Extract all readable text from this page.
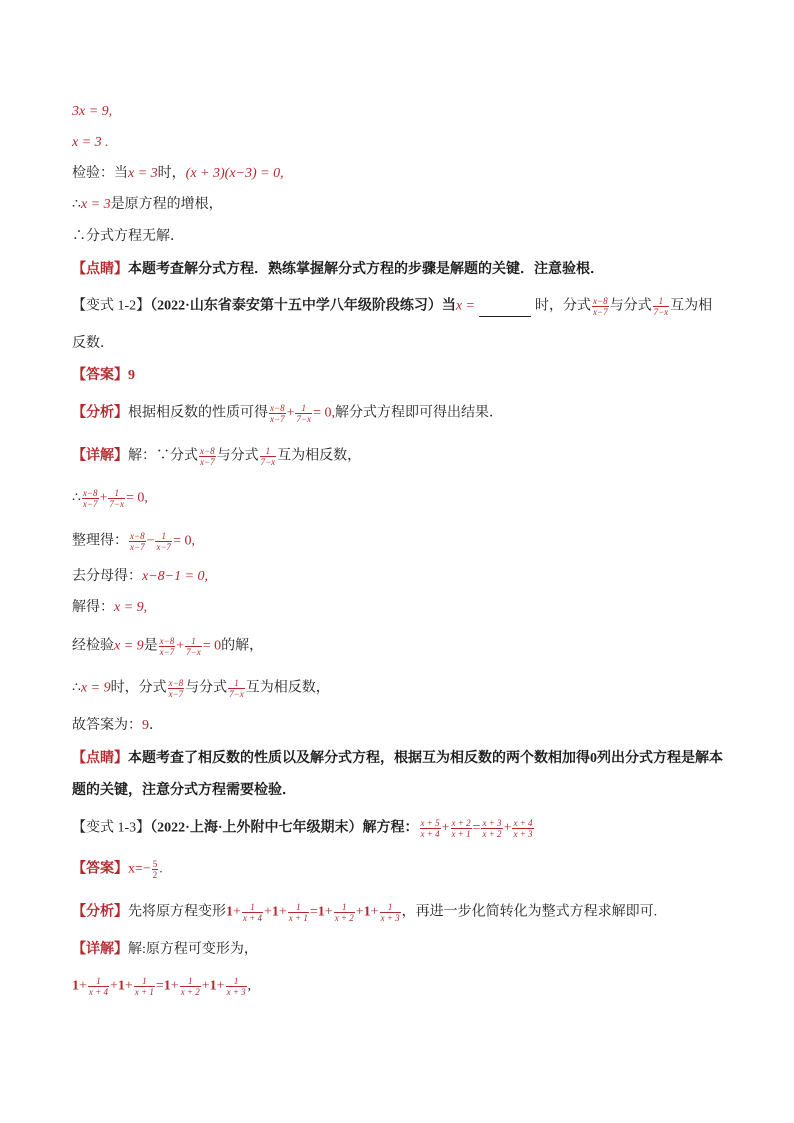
3x = 9,
x = 3 .
检验：当x = 3时，(x + 3)(x−3) = 0,
∴x = 3是原方程的增根，
∴分式方程无解．
【点睛】本题考查解分式方程．熟练掌握解分式方程的步骤是解题的关键．注意验根．
【变式 1-2】（2022·山东省泰安第十五中学八年级阶段练习）当x =	时，分式 $\frac{x-8}{x-7}$ 与分式 $\frac{1}{7-x}$ 互为相
反数．
【答案】9
【分析】根据相反数的性质可得 $\frac{x-8}{x-7} + \frac{1}{7-x} = 0$,解分式方程即可得出结果．
【详解】解：∵分式 $\frac{x-8}{x-7}$ 与分式 $\frac{1}{7-x}$ 互为相反数，
∴ $\frac{x-8}{x-7} + \frac{1}{7-x} = 0$,
整理得： $\frac{x-8}{x-7} - \frac{1}{x-7} = 0$,
去分母得：x−8−1 = 0,
解得：x = 9,
经检验x = 9是 $\frac{x-8}{x-7} + \frac{1}{7-x} = 0$的解，
∴x = 9时，分式 $\frac{x-8}{x-7}$ 与分式 $\frac{1}{7-x}$ 互为相反数，
故答案为：9．
【点睛】本题考查了相反数的性质以及解分式方程，根据互为相反数的两个数相加得0列出分式方程是解本
题的关键，注意分式方程需要检验．
【变式 1-3】（2022·上海·上外附中七年级期末）解方程： $\frac{x + 5}{x + 4} + \frac{x + 2}{x + 1} = \frac{x + 3}{x + 2} + \frac{x + 4}{x + 3}$
【答案】$x=- \frac{5}{2}$ .
【分析】先将原方程变形$1+ \frac{1}{x + 4} +1+ \frac{1}{x + 1} =1+ \frac{1}{x + 2} +1+ \frac{1}{x + 3}$ ，再进一步化简转化为整式方程求解即可.
【详解】解:原方程可变形为，
$1+ \frac{1}{x + 4} +1+ \frac{1}{x + 1} =1+ \frac{1}{x + 2} +1+ \frac{1}{x + 3}$ ,
